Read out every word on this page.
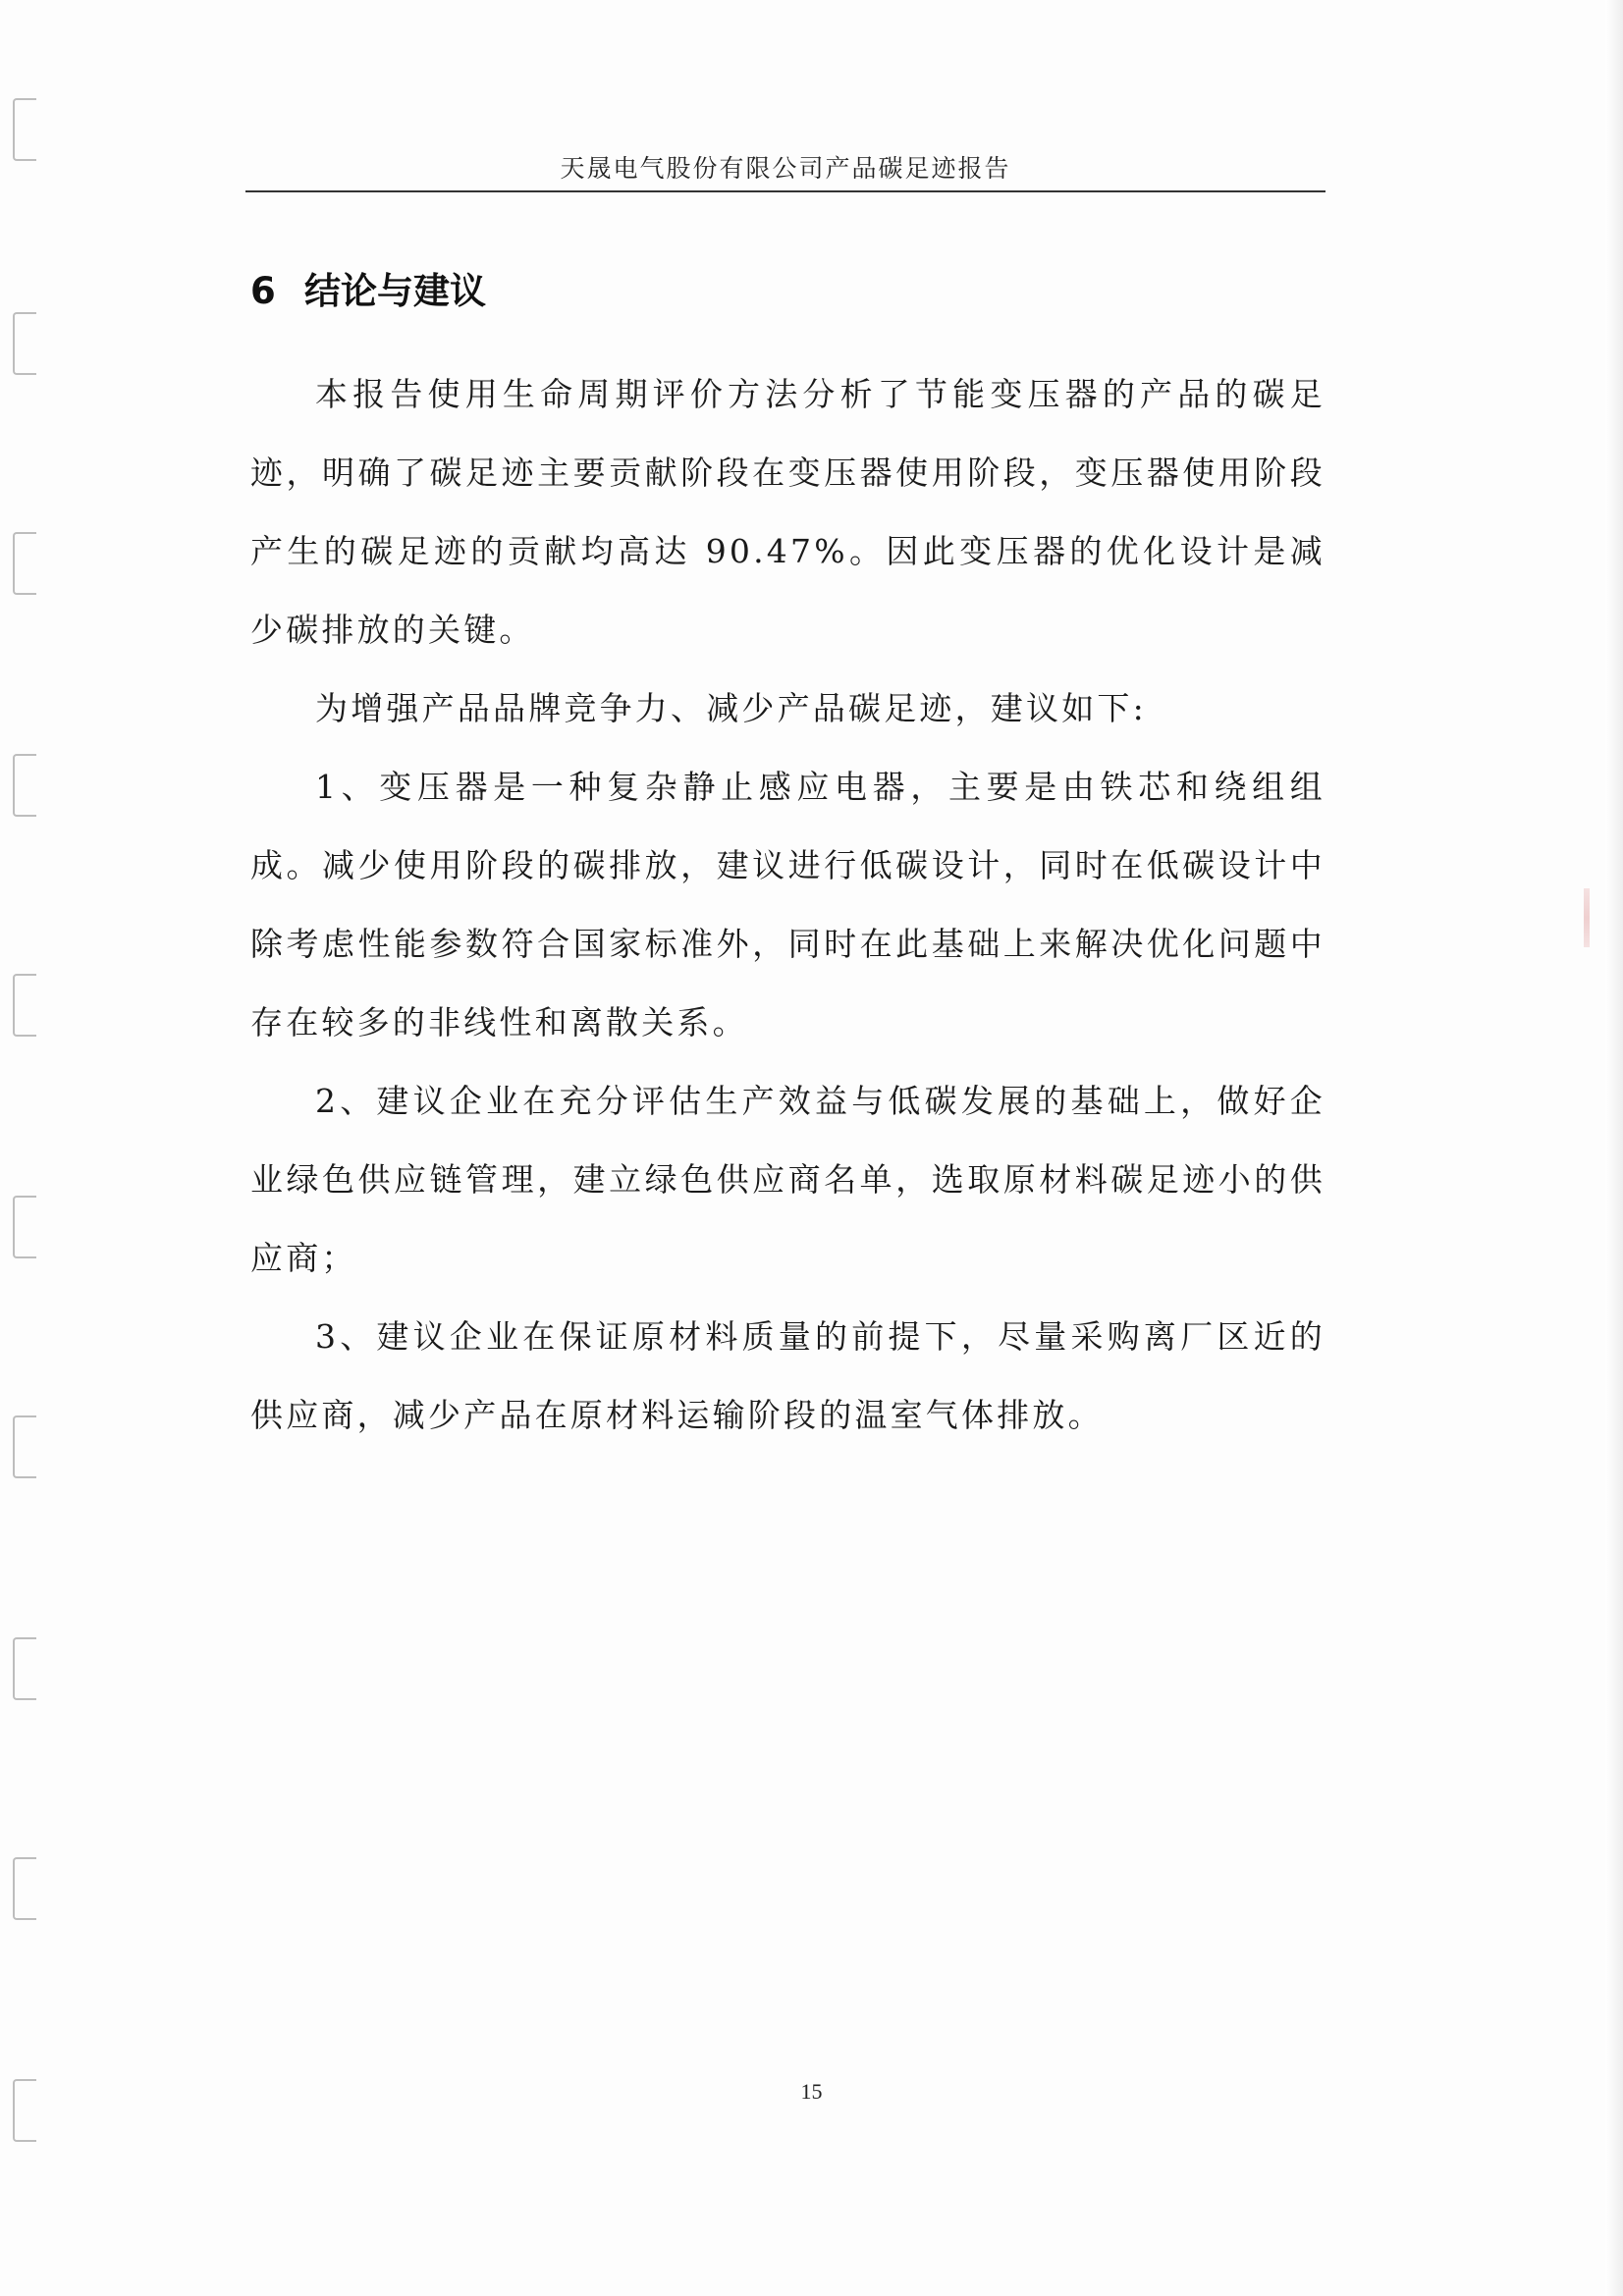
天晟电气股份有限公司产品碳足迹报告
6 结论与建议

本报告使用生命周期评价方法分析了节能变压器的产品的碳足迹，明确了碳足迹主要贡献阶段在变压器使用阶段，变压器使用阶段产生的碳足迹的贡献均高达 90.47%。因此变压器的优化设计是减少碳排放的关键。

为增强产品品牌竞争力、减少产品碳足迹，建议如下:

1、变压器是一种复杂静止感应电器，主要是由铁芯和绕组组成。减少使用阶段的碳排放，建议进行低碳设计，同时在低碳设计中除考虑性能参数符合国家标准外，同时在此基础上来解决优化问题中存在较多的非线性和离散关系。

2、建议企业在充分评估生产效益与低碳发展的基础上，做好企业绿色供应链管理，建立绿色供应商名单，选取原材料碳足迹小的供应商；

3、建议企业在保证原材料质量的前提下，尽量采购离厂区近的供应商，减少产品在原材料运输阶段的温室气体排放。

15
